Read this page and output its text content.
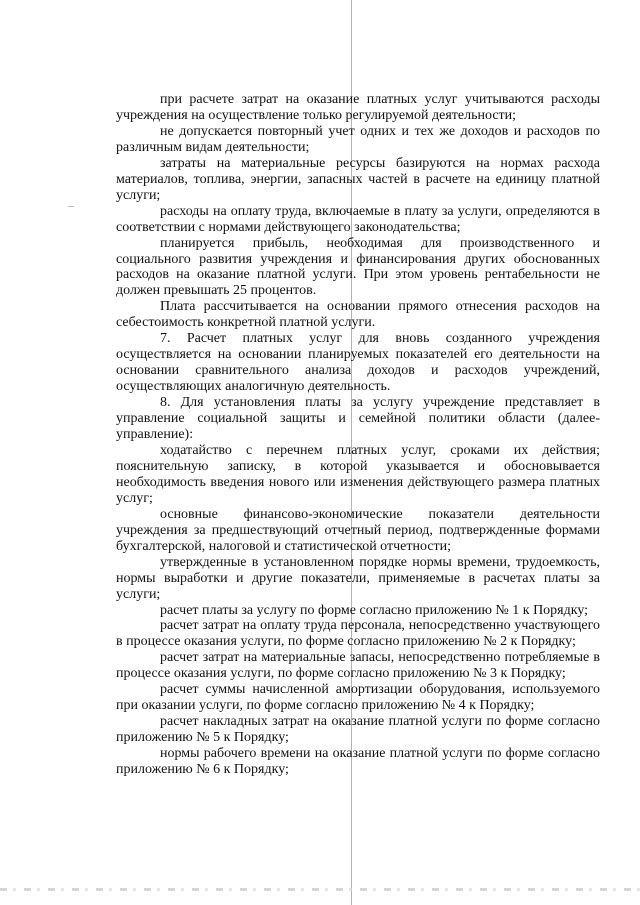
при расчете затрат на оказание платных услуг учитываются расходы учреждения на осуществление только регулируемой деятельности;

не допускается повторный учет одних и тех же доходов и расходов по различным видам деятельности;

затраты на материальные ресурсы базируются на нормах расхода материалов, топлива, энергии, запасных частей в расчете на единицу платной услуги;

расходы на оплату труда, включаемые в плату за услуги, определяются в соответствии с нормами действующего законодательства;

планируется прибыль, необходимая для производственного и социального развития учреждения и финансирования других обоснованных расходов на оказание платной услуги. При этом уровень рентабельности не должен превышать 25 процентов.

Плата рассчитывается на основании прямого отнесения расходов на себестоимость конкретной платной услуги.

7. Расчет платных услуг для вновь созданного учреждения осуществляется на основании планируемых показателей его деятельности на основании сравнительного анализа доходов и расходов учреждений, осуществляющих аналогичную деятельность.

8. Для установления платы за услугу учреждение представляет в управление социальной защиты и семейной политики области (далее-управление):

ходатайство с перечнем платных услуг, сроками их действия; пояснительную записку, в которой указывается и обосновывается необходимость введения нового или изменения действующего размера платных услуг;

основные финансово-экономические показатели деятельности учреждения за предшествующий отчетный период, подтвержденные формами бухгалтерской, налоговой и статистической отчетности;

утвержденные в установленном порядке нормы времени, трудоемкость, нормы выработки и другие показатели, применяемые в расчетах платы за услуги;

расчет платы за услугу по форме согласно приложению № 1 к Порядку;

расчет затрат на оплату труда персонала, непосредственно участвующего в процессе оказания услуги, по форме согласно приложению № 2 к Порядку;

расчет затрат на материальные запасы, непосредственно потребляемые в процессе оказания услуги, по форме согласно приложению № 3 к Порядку;

расчет суммы начисленной амортизации оборудования, используемого при оказании услуги, по форме согласно приложению № 4 к Порядку;

расчет накладных затрат на оказание платной услуги по форме согласно приложению № 5 к Порядку;

нормы рабочего времени на оказание платной услуги по форме согласно приложению № 6 к Порядку;
